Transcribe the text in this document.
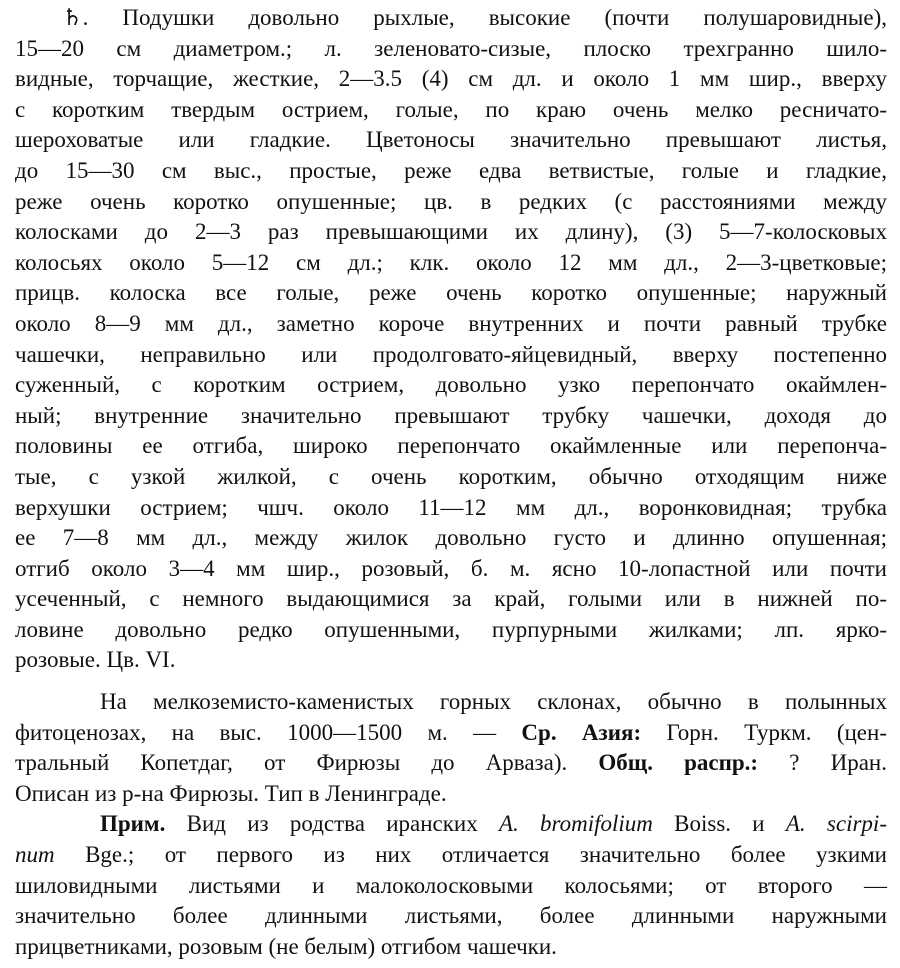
♄. Подушки довольно рыхлые, высокие (почти полушаровидные),
15—20 см диаметром.; л. зеленовато-сизые, плоско трехгранно шило-
видные, торчащие, жесткие, 2—3.5 (4) см дл. и около 1 мм шир., вверху
с коротким твердым острием, голые, по краю очень мелко ресничато-
шероховатые или гладкие. Цветоносы значительно превышают листья,
до 15—30 см выс., простые, реже едва ветвистые, голые и гладкие,
реже очень коротко опушенные; цв. в редких (с расстояниями между
колосками до 2—3 раз превышающими их длину), (3) 5—7-колосковых
колосьях около 5—12 см дл.; клк. около 12 мм дл., 2—3-цветковые;
прицв. колоска все голые, реже очень коротко опушенные; наружный
около 8—9 мм дл., заметно короче внутренних и почти равный трубке
чашечки, неправильно или продолговато-яйцевидный, вверху постепенно
суженный, с коротким острием, довольно узко перепончато окаймлен-
ный; внутренние значительно превышают трубку чашечки, доходя до
половины ее отгиба, широко перепончато окаймленные или перепонча-
тые, с узкой жилкой, с очень коротким, обычно отходящим ниже
верхушки острием; чшч. около 11—12 мм дл., воронковидная; трубка
ее 7—8 мм дл., между жилок довольно густо и длинно опушенная;
отгиб около 3—4 мм шир., розовый, б. м. ясно 10-лопастной или почти
усеченный, с немного выдающимися за край, голыми или в нижней по-
ловине довольно редко опушенными, пурпурными жилками; лп. ярко-
розовые. Цв. VI.
На мелкоземисто-каменистых горных склонах, обычно в полынных
фитоценозах, на выс. 1000—1500 м. — Ср. Азия: Горн. Туркм. (цен-
тральный Копетдаг, от Фирюзы до Арваза). Общ. распр.: ? Иран.
Описан из р-на Фирюзы. Тип в Ленинграде.
Прим. Вид из родства иранских A. bromifolium Boiss. и A. scirpi-
num Bge.; от первого из них отличается значительно более узкими
шиловидными листьями и малоколосковыми колосьями; от второго —
значительно более длинными листьями, более длинными наружными
прицветниками, розовым (не белым) отгибом чашечки.
